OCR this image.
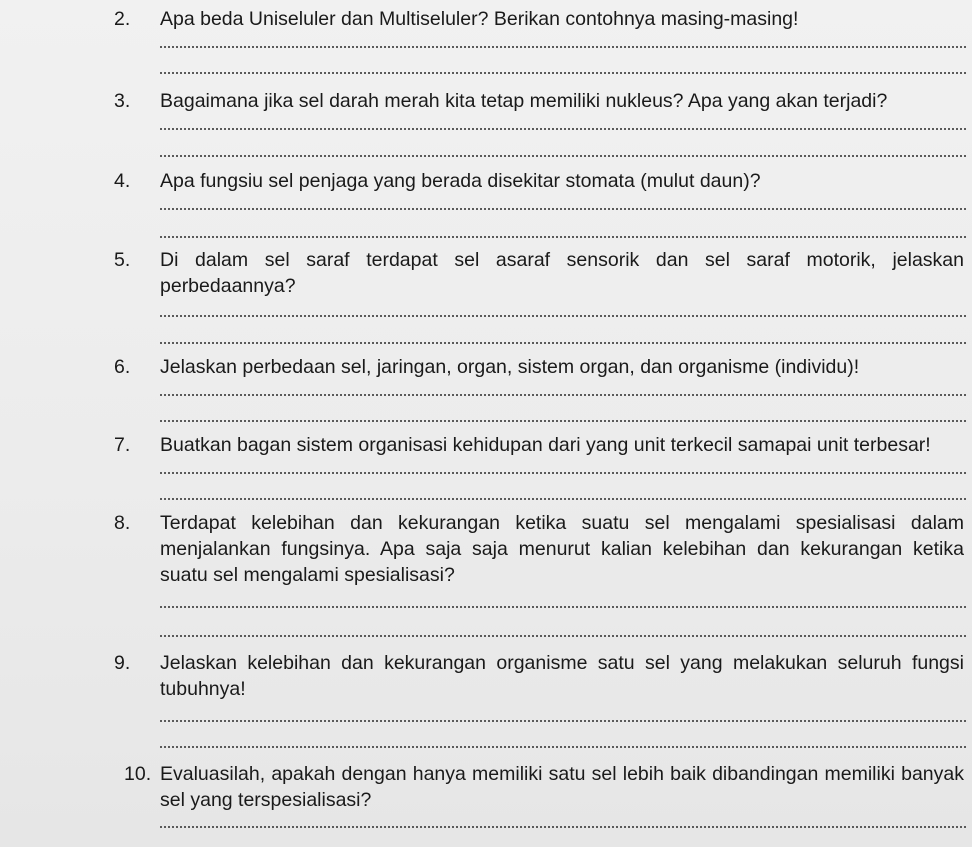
2. Apa beda Uniseluler dan Multiseluler? Berikan contohnya masing-masing!
3. Bagaimana jika sel darah merah kita tetap memiliki nukleus? Apa yang akan terjadi?
4. Apa fungsiu sel penjaga yang berada disekitar stomata (mulut daun)?
5. Di dalam sel saraf terdapat sel asaraf sensorik dan sel saraf motorik, jelaskan
perbedaannya?
6. Jelaskan perbedaan sel, jaringan, organ, sistem organ, dan organisme (individu)!
7. Buatkan bagan sistem organisasi kehidupan dari yang unit terkecil samapai unit terbesar!
8. Terdapat kelebihan dan kekurangan ketika suatu sel mengalami spesialisasi dalam
menjalankan fungsinya. Apa saja saja menurut kalian kelebihan dan kekurangan ketika
suatu sel mengalami spesialisasi?
9. Jelaskan kelebihan dan kekurangan organisme satu sel yang melakukan seluruh fungsi
tubuhnya!
10. Evaluasilah, apakah dengan hanya memiliki satu sel lebih baik dibandingan memiliki banyak
sel yang terspesialisasi?
